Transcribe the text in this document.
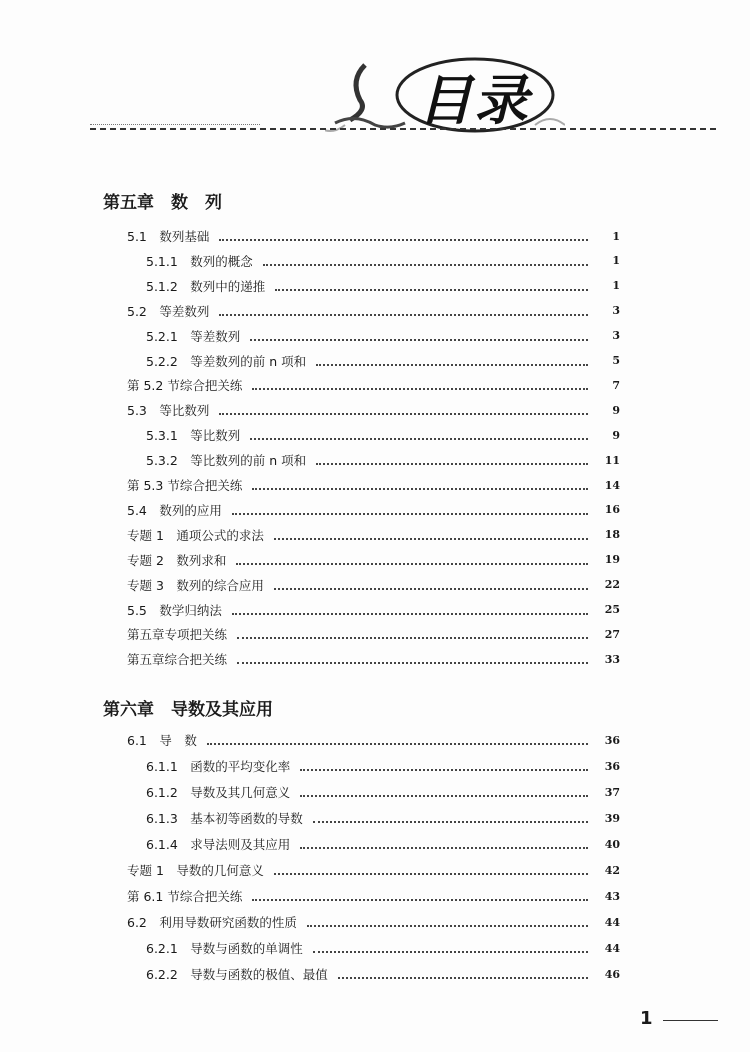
目录
第五章　数　列
5.1　数列基础	1
5.1.1　数列的概念	1
5.1.2　数列中的递推	1
5.2　等差数列	3
5.2.1　等差数列	3
5.2.2　等差数列的前 n 项和	5
第 5.2 节综合把关练	7
5.3　等比数列	9
5.3.1　等比数列	9
5.3.2　等比数列的前 n 项和	11
第 5.3 节综合把关练	14
5.4　数列的应用	16
专题 1　通项公式的求法	18
专题 2　数列求和	19
专题 3　数列的综合应用	22
5.5　数学归纳法	25
第五章专项把关练	27
第五章综合把关练	33
第六章　导数及其应用
6.1　导　数	36
6.1.1　函数的平均变化率	36
6.1.2　导数及其几何意义	37
6.1.3　基本初等函数的导数	39
6.1.4　求导法则及其应用	40
专题 1　导数的几何意义	42
第 6.1 节综合把关练	43
6.2　利用导数研究函数的性质	44
6.2.1　导数与函数的单调性	44
6.2.2　导数与函数的极值、最值	46
1
